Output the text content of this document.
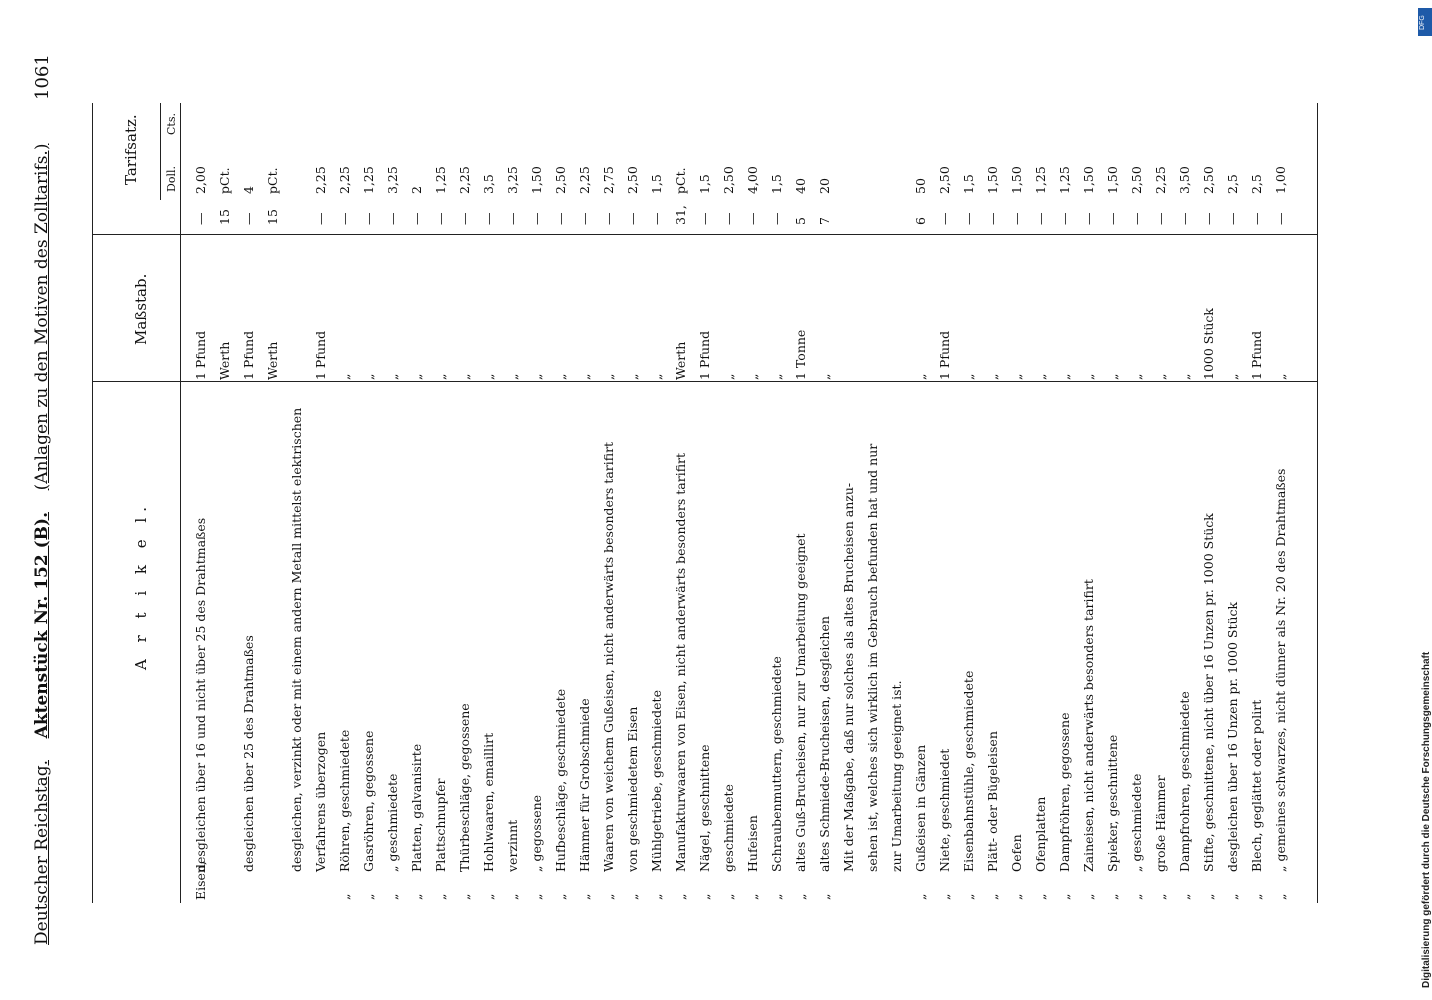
Deutscher Reichstag.    Aktenstück Nr. 152 (B).    (Anlagen zu den Motiven des Zolltarifs.)
1061
A r t i k e l.
Maßstab.
Tarifsatz. Doll.
Cts.
Eisen,
desgleichen über 16 und nicht über 25 des Drahtmaßes
1 Pfund
—
2,00
Werth
15
pCt.
desgleichen über 25 des Drahtmaßes
1 Pfund
—
4
Werth
15
pCt.
desgleichen, verzinkt oder mit einem andern Metall mittelst elektrischen Verfahrens überzogen
1 Pfund
—
2,25
„
Röhren, geschmiedete
„
—
2,25
„
Gasröhren, gegossene
„
—
1,25
„
„ geschmiedete
„
—
3,25
„
Platten, galvanisirte
„
—
2
„
Plattschnupfer
„
—
1,25
„
Thürbeschläge, gegossene
„
—
2,25
„
Hohlwaaren, emaillirt
„
—
3,5
„
verzinnt
„
—
3,25
„
„ gegossene
„
—
1,50
„
Hufbeschläge, geschmiedete
„
—
2,50
„
Hämmer für Grobschmiede
„
—
2,25
„
Waaren von weichem Gußeisen, nicht anderwärts besonders tarifirt
„
—
2,75
„
von geschmiedetem Eisen
„
—
2,50
„
Mühlgetriebe, geschmiedete
„
—
1,5
„
Manufakturwaaren von Eisen, nicht anderwärts besonders tarifirt
Werth
31,
pCt.
„
Nägel, geschnittene
1 Pfund
—
1,5
„
geschmiedete
„
—
2,50
„
Hufeisen
„
—
4,00
„
Schraubenmuttern, geschmiedete
„
—
1,5
„
altes Guß-Brucheisen, nur zur Umarbeitung geeignet
1 Tonne
5
40
„
altes Schmiede-Brucheisen, desgleichen
„
7
20
Mit der Maßgabe, daß nur solches als altes Brucheisen anzu- sehen ist, welches sich wirklich im Gebrauch befunden hat und nur zur Umarbeitung geeignet ist.
„
Gußeisen in Gänzen
„
6
50
„
Niete, geschmiedet
1 Pfund
—
2,50
„
Eisenbahnstühle, geschmiedete
„
—
1,5
„
Plätt- oder Bügeleisen
„
—
1,50
„
Oefen
„
—
1,50
„
Ofenplatten
„
—
1,25
„
Dampfröhren, gegossene
„
—
1,25
„
Zaineisen, nicht anderwärts besonders tarifirt
„
—
1,50
„
Spieker, geschnittene
„
—
1,50
„
„ geschmiedete
„
—
2,50
„
große Hämmer
„
—
2,25
„
Dampfrohren, geschmiedete
„
—
3,50
„
Stifte, geschnittene, nicht über 16 Unzen pr. 1000 Stück
1000 Stück
—
2,50
„
desgleichen über 16 Unzen pr. 1000 Stück
„
—
2,5
„
Blech, geglättet oder polirt
1 Pfund
—
2,5
„
„ gemeines schwarzes, nicht dünner als Nr. 20 des Drahtmaßes
„
—
1,00
Digitalisierung gefördert durch die Deutsche Forschungsgemeinschaft
DFG
